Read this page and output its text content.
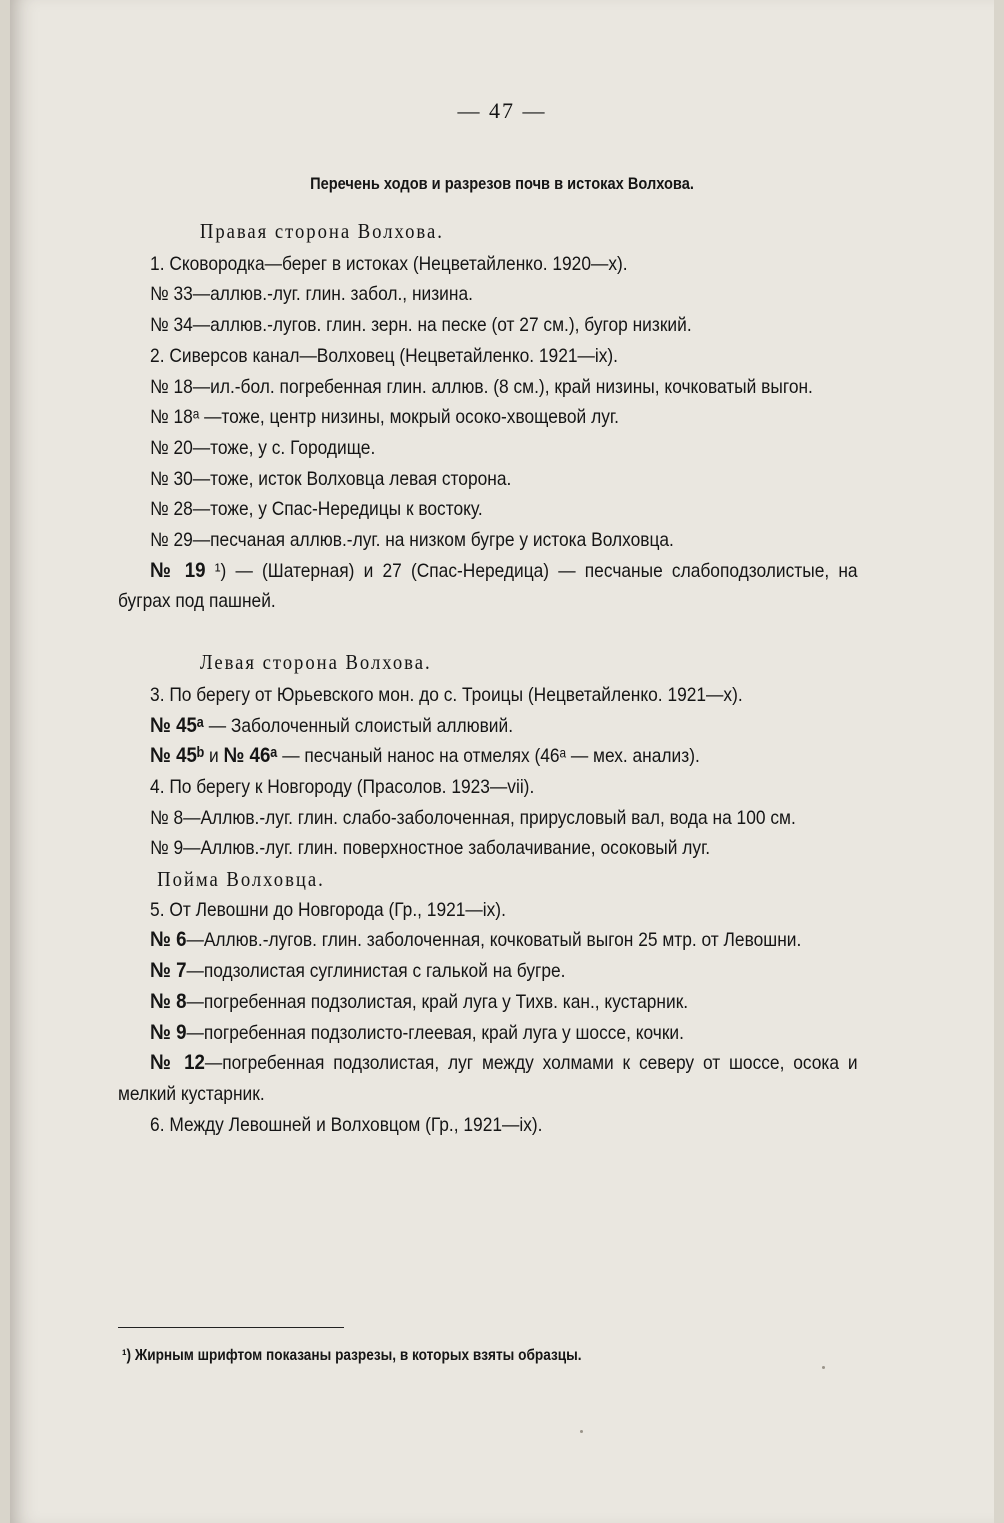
— 47 —
Перечень ходов и разрезов почв в истоках Волхова.
Правая сторона Волхова.
1. Сковородка—берег в истоках (Нецветайленко. 1920—x).
№ 33—аллюв.-луг. глин. забол., низина.
№ 34—аллюв.-лугов. глин. зерн. на песке (от 27 см.), бугор низкий.
2. Сиверсов канал—Волховец (Нецветайленко. 1921—ix).
№ 18—ил.-бол. погребенная глин. аллюв. (8 см.), край низины, кочковатый выгон.
№ 18ᵃ —тоже, центр низины, мокрый осоко-хвощевой луг.
№ 20—тоже, у с. Городище.
№ 30—тоже, исток Волховца левая сторона.
№ 28—тоже, у Спас-Нередицы к востоку.
№ 29—песчаная аллюв.-луг. на низком бугре у истока Волховца.
№ 19 ¹) — (Шатерная) и 27 (Спас-Нередица) — песчаные слабоподзолистые, на буграх под пашней.
Левая сторона Волхова.
3. По берегу от Юрьевского мон. до с. Троицы (Нецветайленко. 1921—x).
№ 45ᵃ — Заболоченный слоистый аллювий.
№ 45ᵇ и № 46ᵃ — песчаный нанос на отмелях (46ᵃ — мех. анализ).
4. По берегу к Новгороду (Прасолов. 1923—vii).
№ 8—Аллюв.-луг. глин. слабо-заболоченная, прирусловый вал, вода на 100 см.
№ 9—Аллюв.-луг. глин. поверхностное заболачивание, осоковый луг.
Пойма Волховца.
5. От Левошни до Новгорода (Гр., 1921—ix).
№ 6—Аллюв.-лугов. глин. заболоченная, кочковатый выгон 25 мтр. от Левошни.
№ 7—подзолистая суглинистая с галькой на бугре.
№ 8—погребенная подзолистая, край луга у Тихв. кан., кустарник.
№ 9—погребенная подзолисто-глеевая, край луга у шоссе, кочки.
№ 12—погребенная подзолистая, луг между холмами к северу от шоссе, осока и мелкий кустарник.
6. Между Левошней и Волховцом (Гр., 1921—ix).
¹) Жирным шрифтом показаны разрезы, в которых взяты образцы.
